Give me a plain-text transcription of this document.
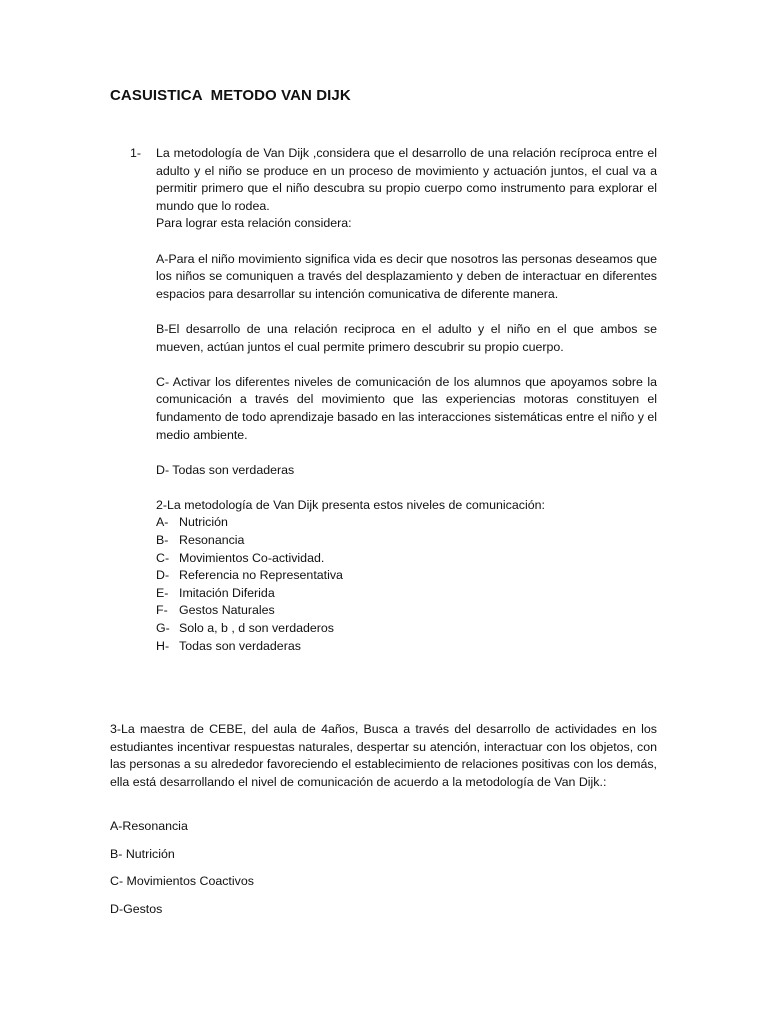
CASUISTICA  METODO VAN DIJK
1- La metodología de Van Dijk ,considera que el desarrollo de una relación recíproca entre el adulto y el niño se produce en un proceso de movimiento y actuación juntos, el cual va a permitir primero que el niño descubra su propio cuerpo como instrumento para explorar el mundo que lo rodea.

Para lograr esta relación considera:

A-Para el niño movimiento significa vida es decir que nosotros las personas deseamos que los niños se comuniquen a través del desplazamiento y deben de interactuar en diferentes espacios para desarrollar su intención comunicativa de diferente manera.

B-El desarrollo de una relación reciproca en el adulto y el niño en el que ambos se mueven, actúan juntos el cual permite primero descubrir su propio cuerpo.

C- Activar los diferentes niveles de comunicación de los alumnos que apoyamos sobre la comunicación a través del movimiento que las experiencias motoras constituyen el fundamento de todo aprendizaje basado en las interacciones sistemáticas entre el niño y el medio ambiente.

D- Todas son verdaderas

2-La metodología de Van Dijk presenta estos niveles de comunicación:

A- Nutrición
B- Resonancia
C- Movimientos Co-actividad.
D- Referencia no Representativa
E- Imitación Diferida
F- Gestos Naturales
G- Solo a, b , d son verdaderos
H- Todas son verdaderas

3-La maestra de CEBE, del aula de 4años, Busca a través del desarrollo de actividades en los estudiantes incentivar respuestas naturales, despertar su atención, interactuar con los objetos, con las personas a su alrededor favoreciendo el establecimiento de relaciones positivas con los demás, ella está desarrollando el nivel de comunicación de acuerdo a la metodología de Van Dijk.:

A-Resonancia

B- Nutrición

C- Movimientos Coactivos

D-Gestos
